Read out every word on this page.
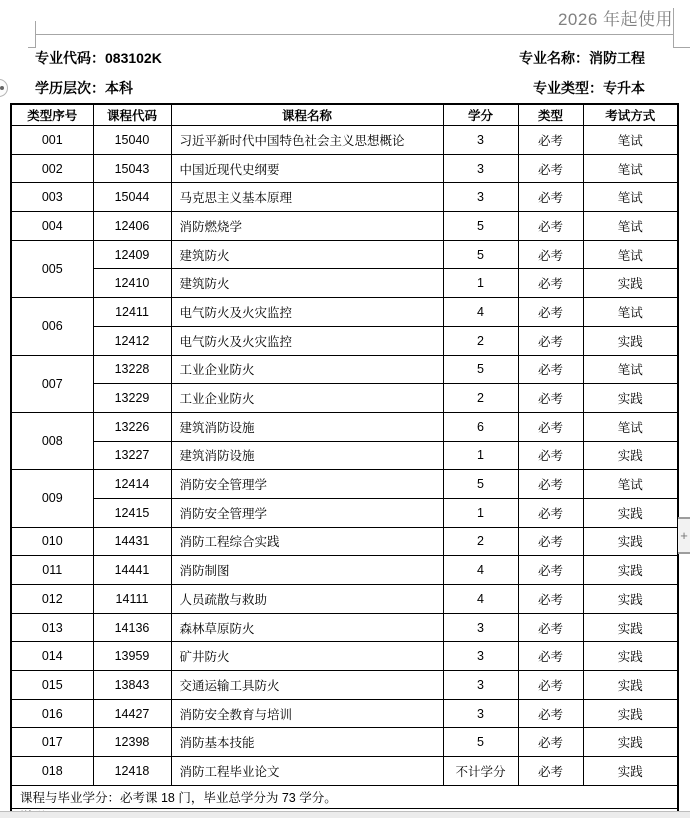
2026 年起使用
专业代码：083102K	专业名称：消防工程
学历层次：本科	专业类型：专升本
类型序号	课程代码	课程名称	学分	类型	考试方式
001	15040	习近平新时代中国特色社会主义思想概论	3	必考	笔试
002	15043	中国近现代史纲要	3	必考	笔试
003	15044	马克思主义基本原理	3	必考	笔试
004	12406	消防燃烧学	5	必考	笔试
005	12409	建筑防火	5	必考	笔试
	12410	建筑防火	1	必考	实践
006	12411	电气防火及火灾监控	4	必考	笔试
	12412	电气防火及火灾监控	2	必考	实践
007	13228	工业企业防火	5	必考	笔试
	13229	工业企业防火	2	必考	实践
008	13226	建筑消防设施	6	必考	笔试
	13227	建筑消防设施	1	必考	实践
009	12414	消防安全管理学	5	必考	笔试
	12415	消防安全管理学	1	必考	实践
010	14431	消防工程综合实践	2	必考	实践
011	14441	消防制图	4	必考	实践
012	14111	人员疏散与救助	4	必考	实践
013	14136	森林草原防火	3	必考	实践
014	13959	矿井防火	3	必考	实践
015	13843	交通运输工具防火	3	必考	实践
016	14427	消防安全教育与培训	3	必考	实践
017	12398	消防基本技能	5	必考	实践
018	12418	消防工程毕业论文	不计学分	必考	实践
课程与毕业学分：必考课 18 门，毕业总学分为 73 学分。					

+
